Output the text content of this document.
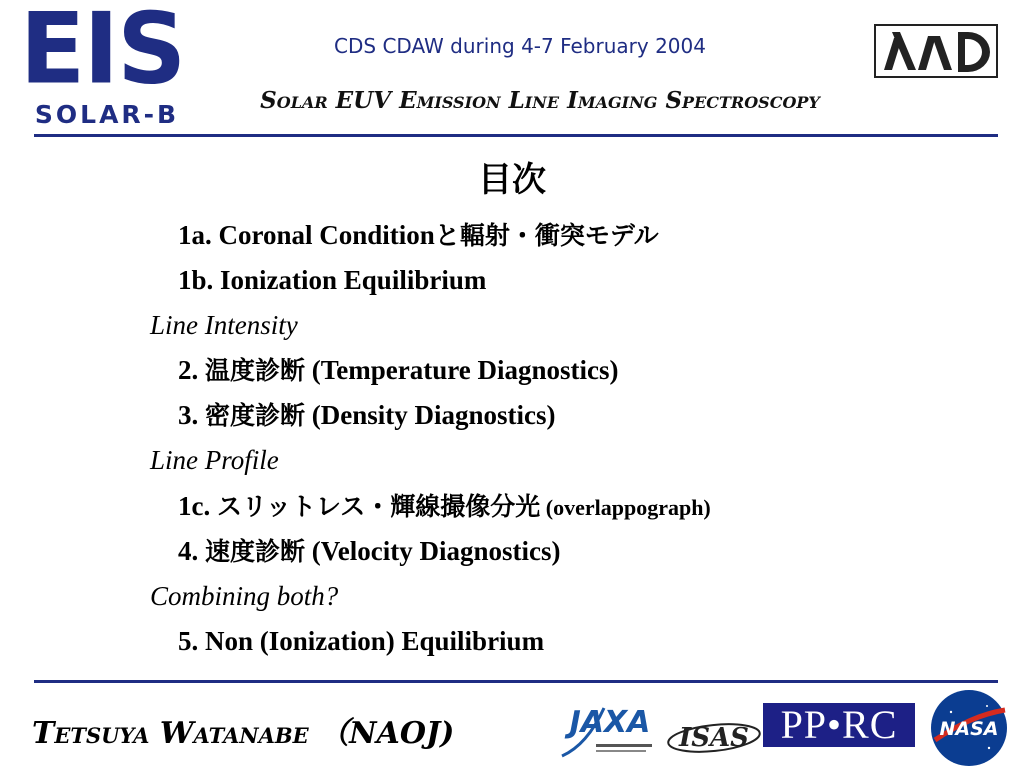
EIS
SOLAR-B
CDS CDAW during 4-7 February 2004
Solar EUV Emission Line Imaging Spectroscopy
目次
1a. Coronal Conditionと輻射・衝突モデル
1b. Ionization Equilibrium
Line Intensity
2. 温度診断 (Temperature Diagnostics)
3. 密度診断 (Density Diagnostics)
Line Profile
1c. スリットレス・輝線撮像分光 (overlappograph)
4. 速度診断 (Velocity Diagnostics)
Combining both?
5. Non (Ionization) Equilibrium
Tetsuya Watanabe （NAOJ)	JAXA ISAS PP•RC	NASA
